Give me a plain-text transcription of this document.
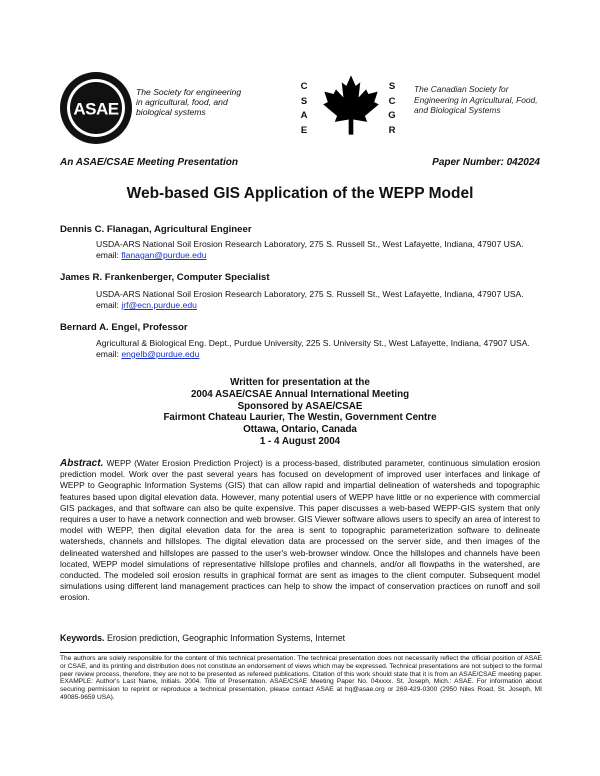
ASAE
The Society for engineering in agricultural, food, and biological systems
C
S
A
E
S
C
G
R
The Canadian Society for Engineering in Agricultural, Food, and Biological Systems
An ASAE/CSAE Meeting Presentation	Paper Number: 042024
Web-based GIS Application of the WEPP Model
Dennis C. Flanagan, Agricultural Engineer
USDA-ARS National Soil Erosion Research Laboratory, 275 S. Russell St., West Lafayette, Indiana, 47907 USA. email: flanagan@purdue.edu
James R. Frankenberger, Computer Specialist
USDA-ARS National Soil Erosion Research Laboratory, 275 S. Russell St., West Lafayette, Indiana, 47907 USA. email: jrf@ecn.purdue.edu
Bernard A. Engel, Professor
Agricultural & Biological Eng. Dept., Purdue University, 225 S. University St., West Lafayette, Indiana, 47907 USA. email: engelb@purdue.edu
Written for presentation at the
2004 ASAE/CSAE Annual International Meeting
Sponsored by ASAE/CSAE
Fairmont Chateau Laurier, The Westin, Government Centre
Ottawa, Ontario, Canada
1 - 4 August 2004
Abstract. WEPP (Water Erosion Prediction Project) is a process-based, distributed parameter, continuous simulation erosion prediction model. Work over the past several years has focused on development of improved user interfaces and linkage of WEPP to Geographic Information Systems (GIS) that can allow rapid and impartial delineation of watersheds and topographic features based upon digital elevation data. However, many potential users of WEPP have little or no experience with commercial GIS packages, and that software can also be quite expensive. This paper discusses a web-based WEPP-GIS system that only requires a user to have a network connection and web browser. GIS Viewer software allows users to specify an area of interest to model with WEPP, then digital elevation data for the area is sent to topographic parameterization software to delineate watersheds, channels and hillslopes. The digital elevation data are processed on the server side, and then images of the delineated watershed and hillslopes are passed to the user's web-browser window. Once the hillslopes and channels have been located, WEPP model simulations of representative hillslope profiles and channels, and/or all flowpaths in the watershed, are conducted. The modeled soil erosion results in graphical format are sent as images to the client computer. Subsequent model simulations using different land management practices can help to show the impact of conservation practices on runoff and soil erosion.
Keywords. Erosion prediction, Geographic Information Systems, Internet
The authors are solely responsible for the content of this technical presentation. The technical presentation does not necessarily reflect the official position of ASAE or CSAE, and its printing and distribution does not constitute an endorsement of views which may be expressed. Technical presentations are not subject to the formal peer review process, therefore, they are not to be presented as refereed publications. Citation of this work should state that it is from an ASAE/CSAE meeting paper. EXAMPLE: Author's Last Name, Initials. 2004. Title of Presentation. ASAE/CSAE Meeting Paper No. 04xxxx. St. Joseph, Mich.: ASAE. For information about securing permission to reprint or reproduce a technical presentation, please contact ASAE at hq@asae.org or 269-429-0300 (2950 Niles Road, St. Joseph, MI 49085-9659 USA).
